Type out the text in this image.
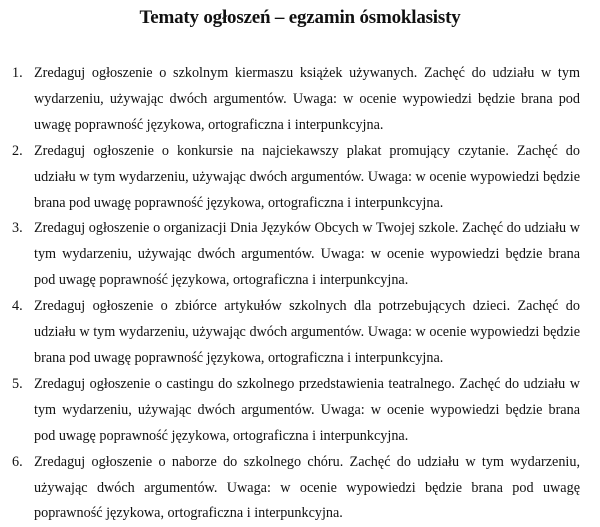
Tematy ogłoszeń – egzamin ósmoklasisty
1. Zredaguj ogłoszenie o szkolnym kiermaszu książek używanych. Zachęć do udziału w tym wydarzeniu, używając dwóch argumentów. Uwaga: w ocenie wypowiedzi będzie brana pod uwagę poprawność językowa, ortograficzna i interpunkcyjna.
2. Zredaguj ogłoszenie o konkursie na najciekawszy plakat promujący czytanie. Zachęć do udziału w tym wydarzeniu, używając dwóch argumentów. Uwaga: w ocenie wypowiedzi będzie brana pod uwagę poprawność językowa, ortograficzna i interpunkcyjna.
3. Zredaguj ogłoszenie o organizacji Dnia Języków Obcych w Twojej szkole. Zachęć do udziału w tym wydarzeniu, używając dwóch argumentów. Uwaga: w ocenie wypowiedzi będzie brana pod uwagę poprawność językowa, ortograficzna i interpunkcyjna.
4. Zredaguj ogłoszenie o zbiórce artykułów szkolnych dla potrzebujących dzieci. Zachęć do udziału w tym wydarzeniu, używając dwóch argumentów. Uwaga: w ocenie wypowiedzi będzie brana pod uwagę poprawność językowa, ortograficzna i interpunkcyjna.
5. Zredaguj ogłoszenie o castingu do szkolnego przedstawienia teatralnego. Zachęć do udziału w tym wydarzeniu, używając dwóch argumentów. Uwaga: w ocenie wypowiedzi będzie brana pod uwagę poprawność językowa, ortograficzna i interpunkcyjna.
6. Zredaguj ogłoszenie o naborze do szkolnego chóru. Zachęć do udziału w tym wydarzeniu, używając dwóch argumentów. Uwaga: w ocenie wypowiedzi będzie brana pod uwagę poprawność językowa, ortograficzna i interpunkcyjna.
